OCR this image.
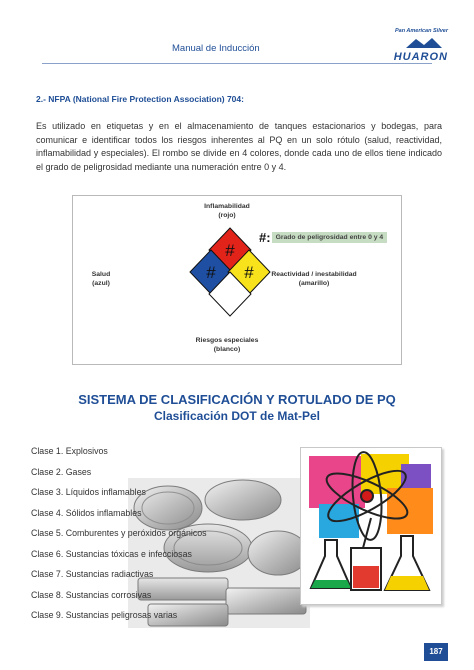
Manual de Inducción
Pan American Silver
HUARON
2.- NFPA (National Fire Protection Association) 704:
Es utilizado en etiquetas y en el almacenamiento de tanques estacionarios y bodegas, para comunicar e identificar todos los riesgos inherentes al PQ en un solo rótulo (salud, reactividad, inflamabilidad y especiales). El rombo se divide en 4 colores, donde cada uno de ellos tiene indicado el grado de peligrosidad mediante una numeración entre 0 y 4.
Inflamabilidad
(rojo)
Salud
(azul)
Reactividad / inestabilidad
(amarillo)
Riesgos especiales
(blanco)
#
# #
#: Grado de peligrosidad entre 0 y 4
SISTEMA DE CLASIFICACIÓN Y ROTULADO DE PQ
Clasificación DOT de Mat-Pel
Clase 1. Explosivos
Clase 2. Gases
Clase 3. Líquidos inflamables
Clase 4. Sólidos inflamables
Clase 5. Comburentes y peróxidos orgánicos
Clase 6. Sustancias tóxicas e infecciosas
Clase 7. Sustancias radiactivas
Clase 8. Sustancias corrosivas
Clase 9. Sustancias peligrosas varias
187
